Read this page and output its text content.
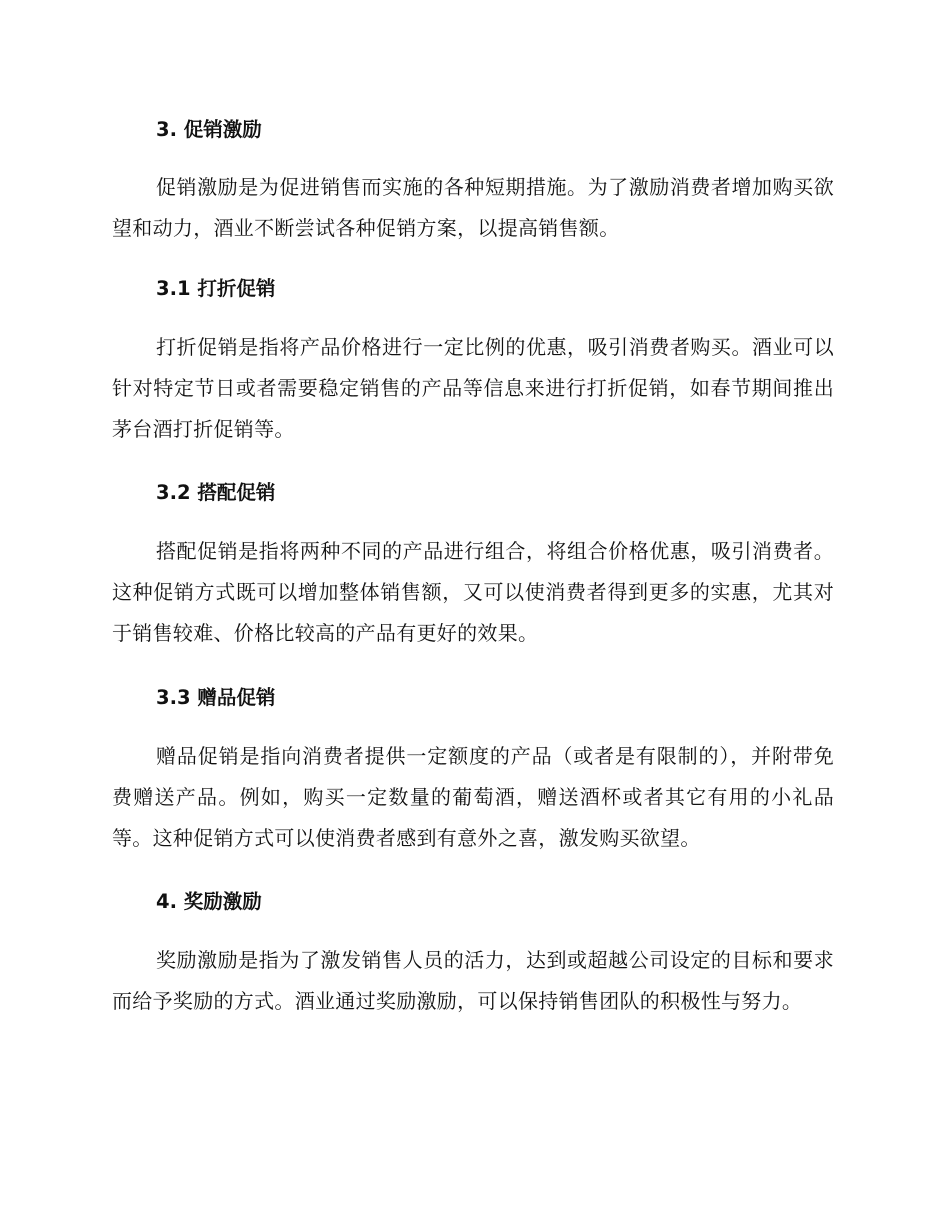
3. 促销激励

促销激励是为促进销售而实施的各种短期措施。为了激励消费者增加购买欲望和动力，酒业不断尝试各种促销方案，以提高销售额。

3.1 打折促销

打折促销是指将产品价格进行一定比例的优惠，吸引消费者购买。酒业可以针对特定节日或者需要稳定销售的产品等信息来进行打折促销，如春节期间推出茅台酒打折促销等。

3.2 搭配促销

搭配促销是指将两种不同的产品进行组合，将组合价格优惠，吸引消费者。这种促销方式既可以增加整体销售额，又可以使消费者得到更多的实惠，尤其对于销售较难、价格比较高的产品有更好的效果。

3.3 赠品促销

赠品促销是指向消费者提供一定额度的产品（或者是有限制的），并附带免费赠送产品。例如，购买一定数量的葡萄酒，赠送酒杯或者其它有用的小礼品等。这种促销方式可以使消费者感到有意外之喜，激发购买欲望。

4. 奖励激励

奖励激励是指为了激发销售人员的活力，达到或超越公司设定的目标和要求而给予奖励的方式。酒业通过奖励激励，可以保持销售团队的积极性与努力。
